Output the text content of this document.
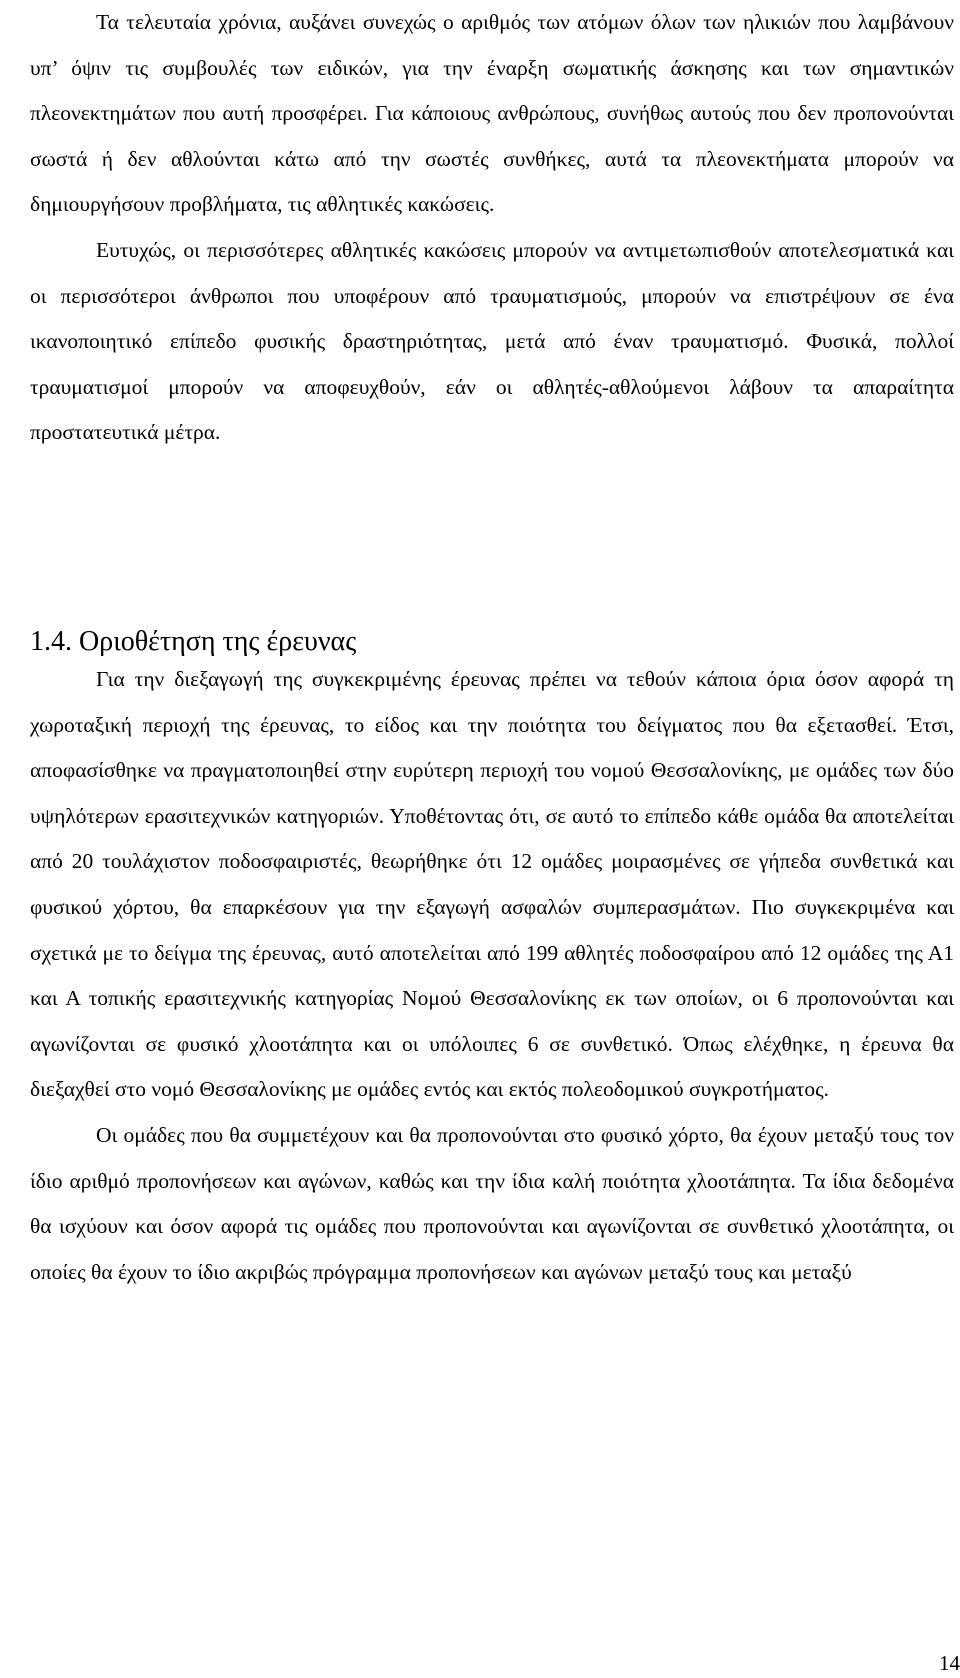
Τα τελευταία χρόνια, αυξάνει συνεχώς ο αριθμός των ατόμων όλων των ηλικιών που λαμβάνουν υπ’ όψιν τις συμβουλές των ειδικών, για την έναρξη σωματικής άσκησης και των σημαντικών πλεονεκτημάτων που αυτή προσφέρει. Για κάποιους ανθρώπους, συνήθως αυτούς που δεν προπονούνται σωστά ή δεν αθλούνται κάτω από την σωστές συνθήκες, αυτά τα πλεονεκτήματα μπορούν να δημιουργήσουν προβλήματα, τις αθλητικές κακώσεις.

Ευτυχώς, οι περισσότερες αθλητικές κακώσεις μπορούν να αντιμετωπισθούν αποτελεσματικά και οι περισσότεροι άνθρωποι που υποφέρουν από τραυματισμούς, μπορούν να επιστρέψουν σε ένα ικανοποιητικό επίπεδο φυσικής δραστηριότητας, μετά από έναν τραυματισμό. Φυσικά, πολλοί τραυματισμοί μπορούν να αποφευχθούν, εάν οι αθλητές-αθλούμενοι λάβουν τα απαραίτητα προστατευτικά μέτρα.

1.4. Οριοθέτηση της έρευνας

Για την διεξαγωγή της συγκεκριμένης έρευνας πρέπει να τεθούν κάποια όρια όσον αφορά τη χωροταξική περιοχή της έρευνας, το είδος και την ποιότητα του δείγματος που θα εξετασθεί. Έτσι, αποφασίσθηκε να πραγματοποιηθεί στην ευρύτερη περιοχή του νομού Θεσσαλονίκης, με ομάδες των δύο υψηλότερων ερασιτεχνικών κατηγοριών. Υποθέτοντας ότι, σε αυτό το επίπεδο κάθε ομάδα θα αποτελείται από 20 τουλάχιστον ποδοσφαιριστές, θεωρήθηκε ότι 12 ομάδες μοιρασμένες σε γήπεδα συνθετικά και φυσικού χόρτου, θα επαρκέσουν για την εξαγωγή ασφαλών συμπερασμάτων. Πιο συγκεκριμένα και σχετικά με το δείγμα της έρευνας, αυτό αποτελείται από 199 αθλητές ποδοσφαίρου από 12 ομάδες της Α1 και Α τοπικής ερασιτεχνικής κατηγορίας Νομού Θεσσαλονίκης εκ των οποίων, οι 6 προπονούνται και αγωνίζονται σε φυσικό χλοοτάπητα και οι υπόλοιπες 6 σε συνθετικό. Όπως ελέχθηκε, η έρευνα θα διεξαχθεί στο νομό Θεσσαλονίκης με ομάδες εντός και εκτός πολεοδομικού συγκροτήματος.

Οι ομάδες που θα συμμετέχουν και θα προπονούνται στο φυσικό χόρτο, θα έχουν μεταξύ τους τον ίδιο αριθμό προπονήσεων και αγώνων, καθώς και την ίδια καλή ποιότητα χλοοτάπητα. Τα ίδια δεδομένα θα ισχύουν και όσον αφορά τις ομάδες που προπονούνται και αγωνίζονται σε συνθετικό χλοοτάπητα, οι οποίες θα έχουν το ίδιο ακριβώς πρόγραμμα προπονήσεων και αγώνων μεταξύ τους και μεταξύ

14
